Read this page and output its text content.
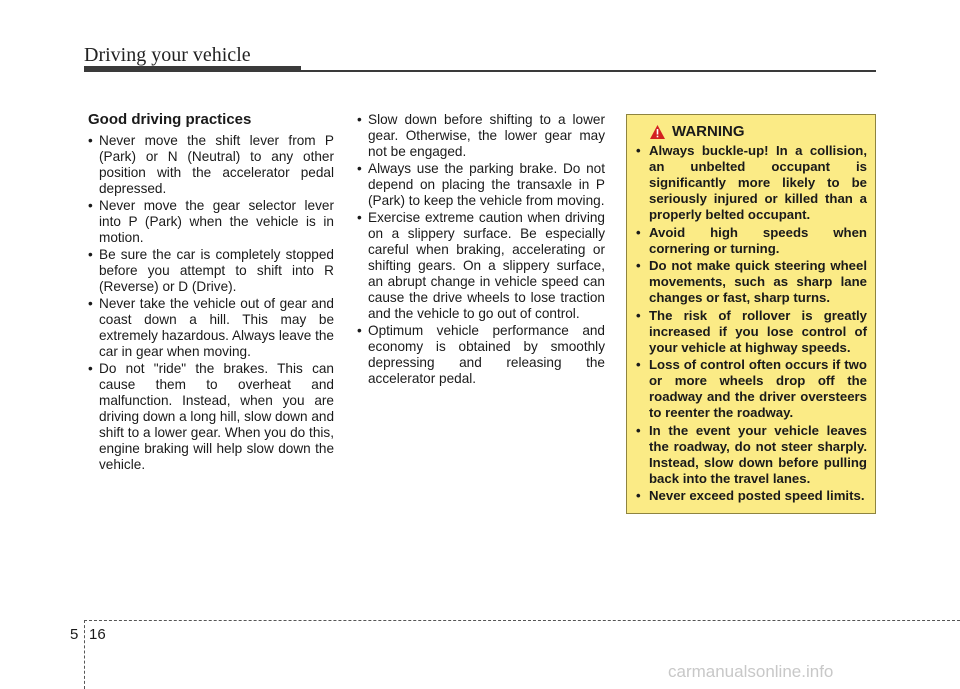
Driving your vehicle
Good driving practices
• Never move the shift lever from P (Park) or N (Neutral) to any other position with the accelerator pedal depressed.
• Never move the gear selector lever into P (Park) when the vehicle is in motion.
• Be sure the car is completely stopped before you attempt to shift into R (Reverse) or D (Drive).
• Never take the vehicle out of gear and coast down a hill. This may be extremely hazardous. Always leave the car in gear when moving.
• Do not "ride" the brakes. This can cause them to overheat and malfunction. Instead, when you are driving down a long hill, slow down and shift to a lower gear. When you do this, engine braking will help slow down the vehicle.
• Slow down before shifting to a lower gear. Otherwise, the lower gear may not be engaged.
• Always use the parking brake. Do not depend on placing the transaxle in P (Park) to keep the vehicle from moving.
• Exercise extreme caution when driving on a slippery surface. Be especially careful when braking, accelerating or shifting gears. On a slippery surface, an abrupt change in vehicle speed can cause the drive wheels to lose traction and the vehicle to go out of control.
• Optimum vehicle performance and economy is obtained by smoothly depressing and releasing the accelerator pedal.
WARNING
• Always buckle-up! In a collision, an unbelted occupant is significantly more likely to be seriously injured or killed than a properly belted occupant.
• Avoid high speeds when cornering or turning.
• Do not make quick steering wheel movements, such as sharp lane changes or fast, sharp turns.
• The risk of rollover is greatly increased if you lose control of your vehicle at highway speeds.
• Loss of control often occurs if two or more wheels drop off the roadway and the driver oversteers to reenter the roadway.
• In the event your vehicle leaves the roadway, do not steer sharply. Instead, slow down before pulling back into the travel lanes.
• Never exceed posted speed limits.
5 16
carmanualsonline.info
